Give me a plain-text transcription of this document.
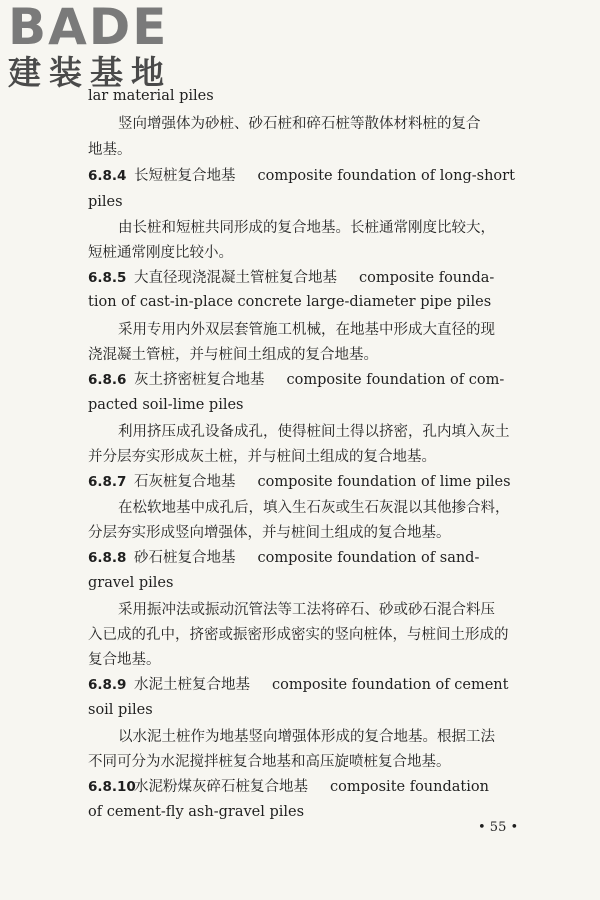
BADE
建装基地
lar material piles
竖向增强体为砂桩、砂石桩和碎石桩等散体材料桩的复合
地基。
6.8.4 长短桩复合地基 composite foundation of long-short
piles
由长桩和短桩共同形成的复合地基。长桩通常刚度比较大，
短桩通常刚度比较小。
6.8.5 大直径现浇混凝土管桩复合地基 composite founda-
tion of cast-in-place concrete large-diameter pipe piles
采用专用内外双层套管施工机械，在地基中形成大直径的现
浇混凝土管桩，并与桩间土组成的复合地基。
6.8.6 灰土挤密桩复合地基 composite foundation of com-
pacted soil-lime piles
利用挤压成孔设备成孔，使得桩间土得以挤密，孔内填入灰土
并分层夯实形成灰土桩，并与桩间土组成的复合地基。
6.8.7 石灰桩复合地基 composite foundation of lime piles
在松软地基中成孔后，填入生石灰或生石灰混以其他掺合料，
分层夯实形成竖向增强体，并与桩间土组成的复合地基。
6.8.8 砂石桩复合地基 composite foundation of sand-
gravel piles
采用振冲法或振动沉管法等工法将碎石、砂或砂石混合料压
入已成的孔中，挤密或振密形成密实的竖向桩体，与桩间土形成的
复合地基。
6.8.9 水泥土桩复合地基 composite foundation of cement
soil piles
以水泥土桩作为地基竖向增强体形成的复合地基。根据工法
不同可分为水泥搅拌桩复合地基和高压旋喷桩复合地基。
6.8.10水泥粉煤灰碎石桩复合地基 composite foundation
of cement-fly ash-gravel piles
• 55 •
